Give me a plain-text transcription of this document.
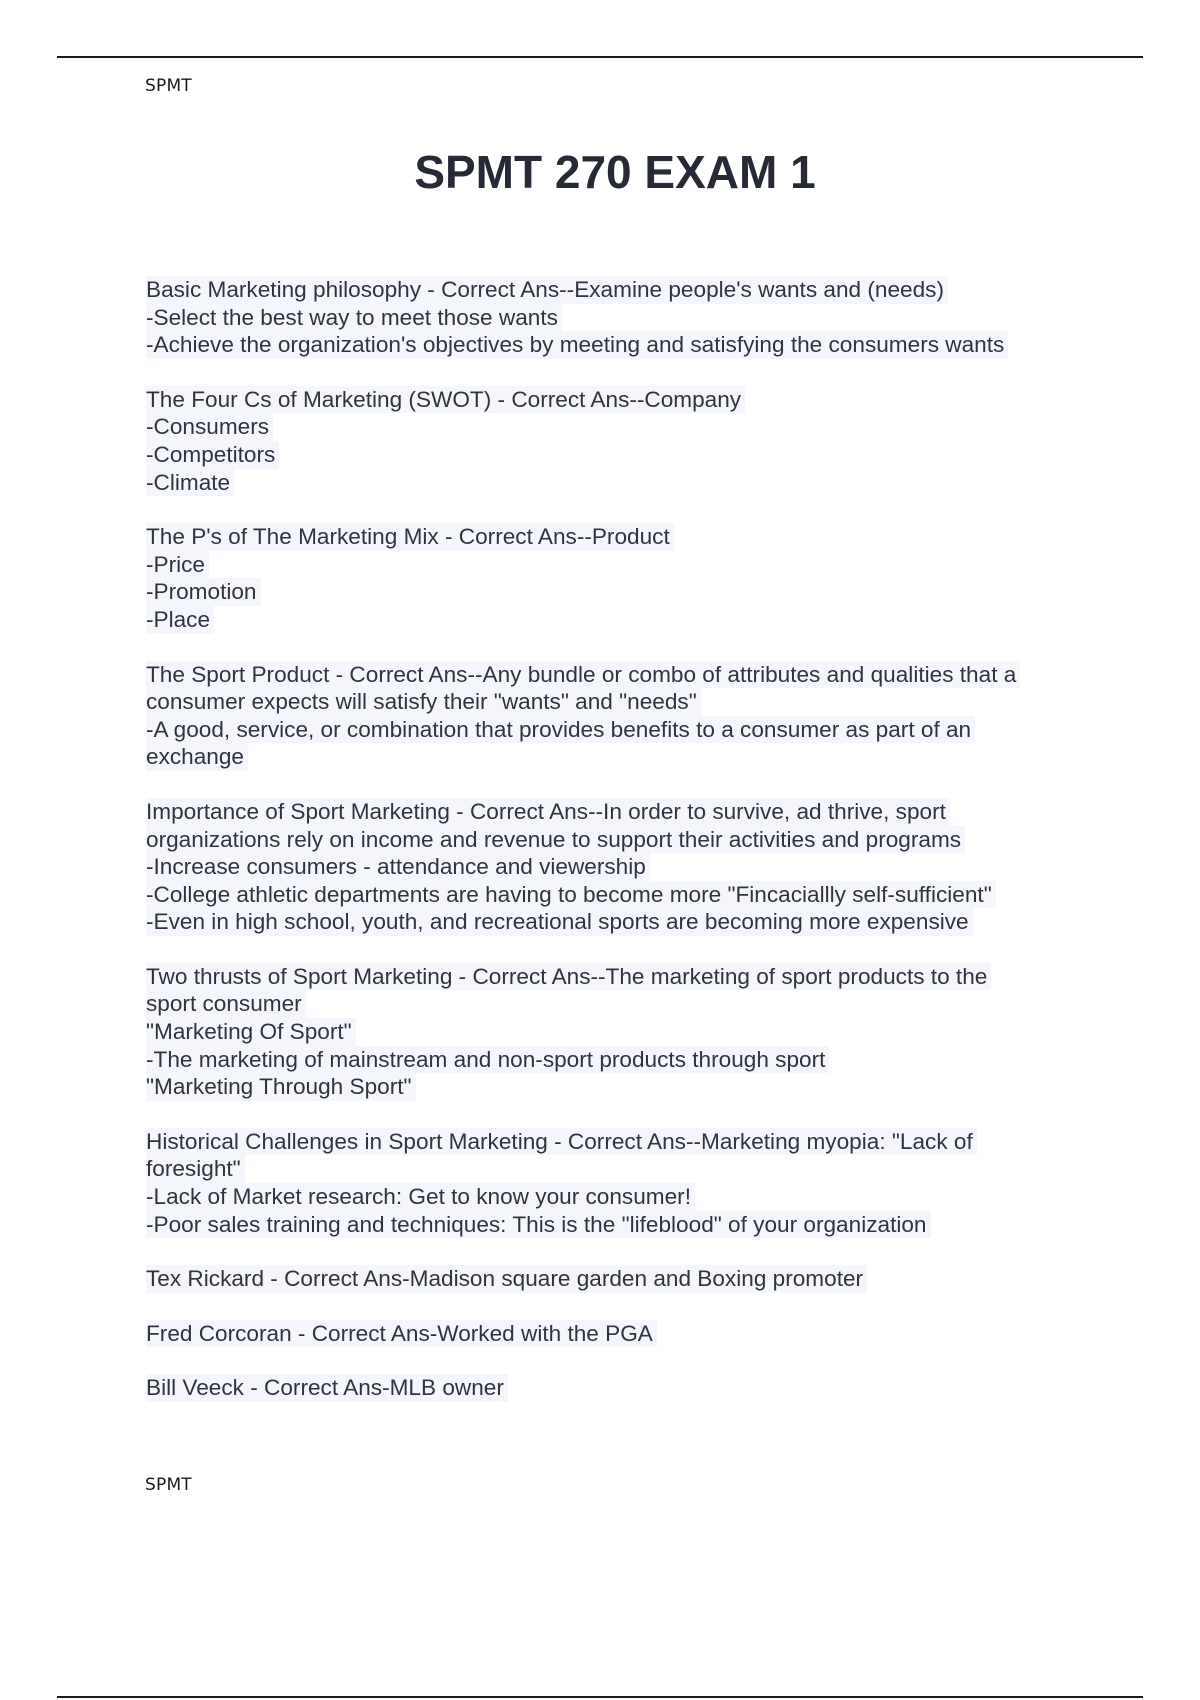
SPMT
SPMT 270 EXAM 1
Basic Marketing philosophy - Correct Ans--Examine people's wants and (needs)
-Select the best way to meet those wants
-Achieve the organization's objectives by meeting and satisfying the consumers wants
The Four Cs of Marketing (SWOT) - Correct Ans--Company
-Consumers
-Competitors
-Climate
The P's of The Marketing Mix - Correct Ans--Product
-Price
-Promotion
-Place
The Sport Product - Correct Ans--Any bundle or combo of attributes and qualities that a
consumer expects will satisfy their "wants" and "needs"
-A good, service, or combination that provides benefits to a consumer as part of an
exchange
Importance of Sport Marketing - Correct Ans--In order to survive, ad thrive, sport
organizations rely on income and revenue to support their activities and programs
-Increase consumers - attendance and viewership
-College athletic departments are having to become more "Fincaciallly self-sufficient"
-Even in high school, youth, and recreational sports are becoming more expensive
Two thrusts of Sport Marketing - Correct Ans--The marketing of sport products to the
sport consumer
"Marketing Of Sport"
-The marketing of mainstream and non-sport products through sport
"Marketing Through Sport"
Historical Challenges in Sport Marketing - Correct Ans--Marketing myopia: "Lack of
foresight"
-Lack of Market research: Get to know your consumer!
-Poor sales training and techniques: This is the "lifeblood" of your organization
Tex Rickard - Correct Ans-Madison square garden and Boxing promoter
Fred Corcoran - Correct Ans-Worked with the PGA
Bill Veeck - Correct Ans-MLB owner
SPMT
